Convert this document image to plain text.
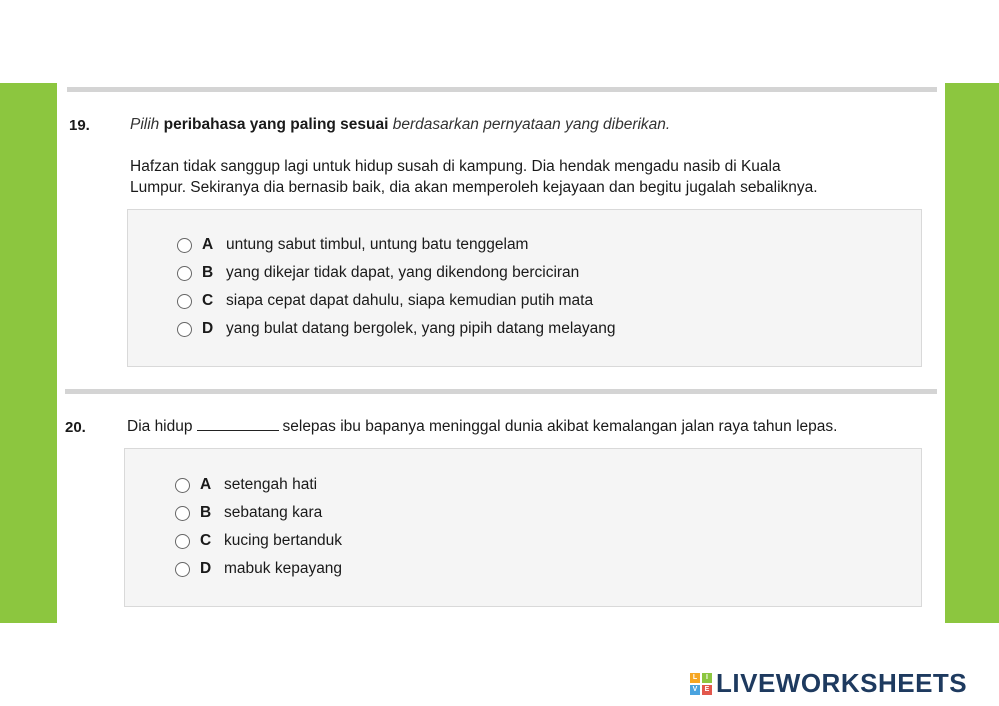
19.	Pilih peribahasa yang paling sesuai berdasarkan pernyataan yang diberikan.
Hafzan tidak sanggup lagi untuk hidup susah di kampung. Dia hendak mengadu nasib di Kuala
Lumpur. Sekiranya dia bernasib baik, dia akan memperoleh kejayaan dan begitu jugalah sebaliknya.
A untung sabut timbul, untung batu tenggelam
B yang dikejar tidak dapat, yang dikendong berciciran
C siapa cepat dapat dahulu, siapa kemudian putih mata
D yang bulat datang bergolek, yang pipih datang melayang
20.	Dia hidup	selepas ibu bapanya meninggal dunia akibat kemalangan jalan raya tahun lepas.
A setengah hati
B sebatang kara
C kucing bertanduk
D mabuk kepayang
L	I
V	E LIVEWORKSHEETS
